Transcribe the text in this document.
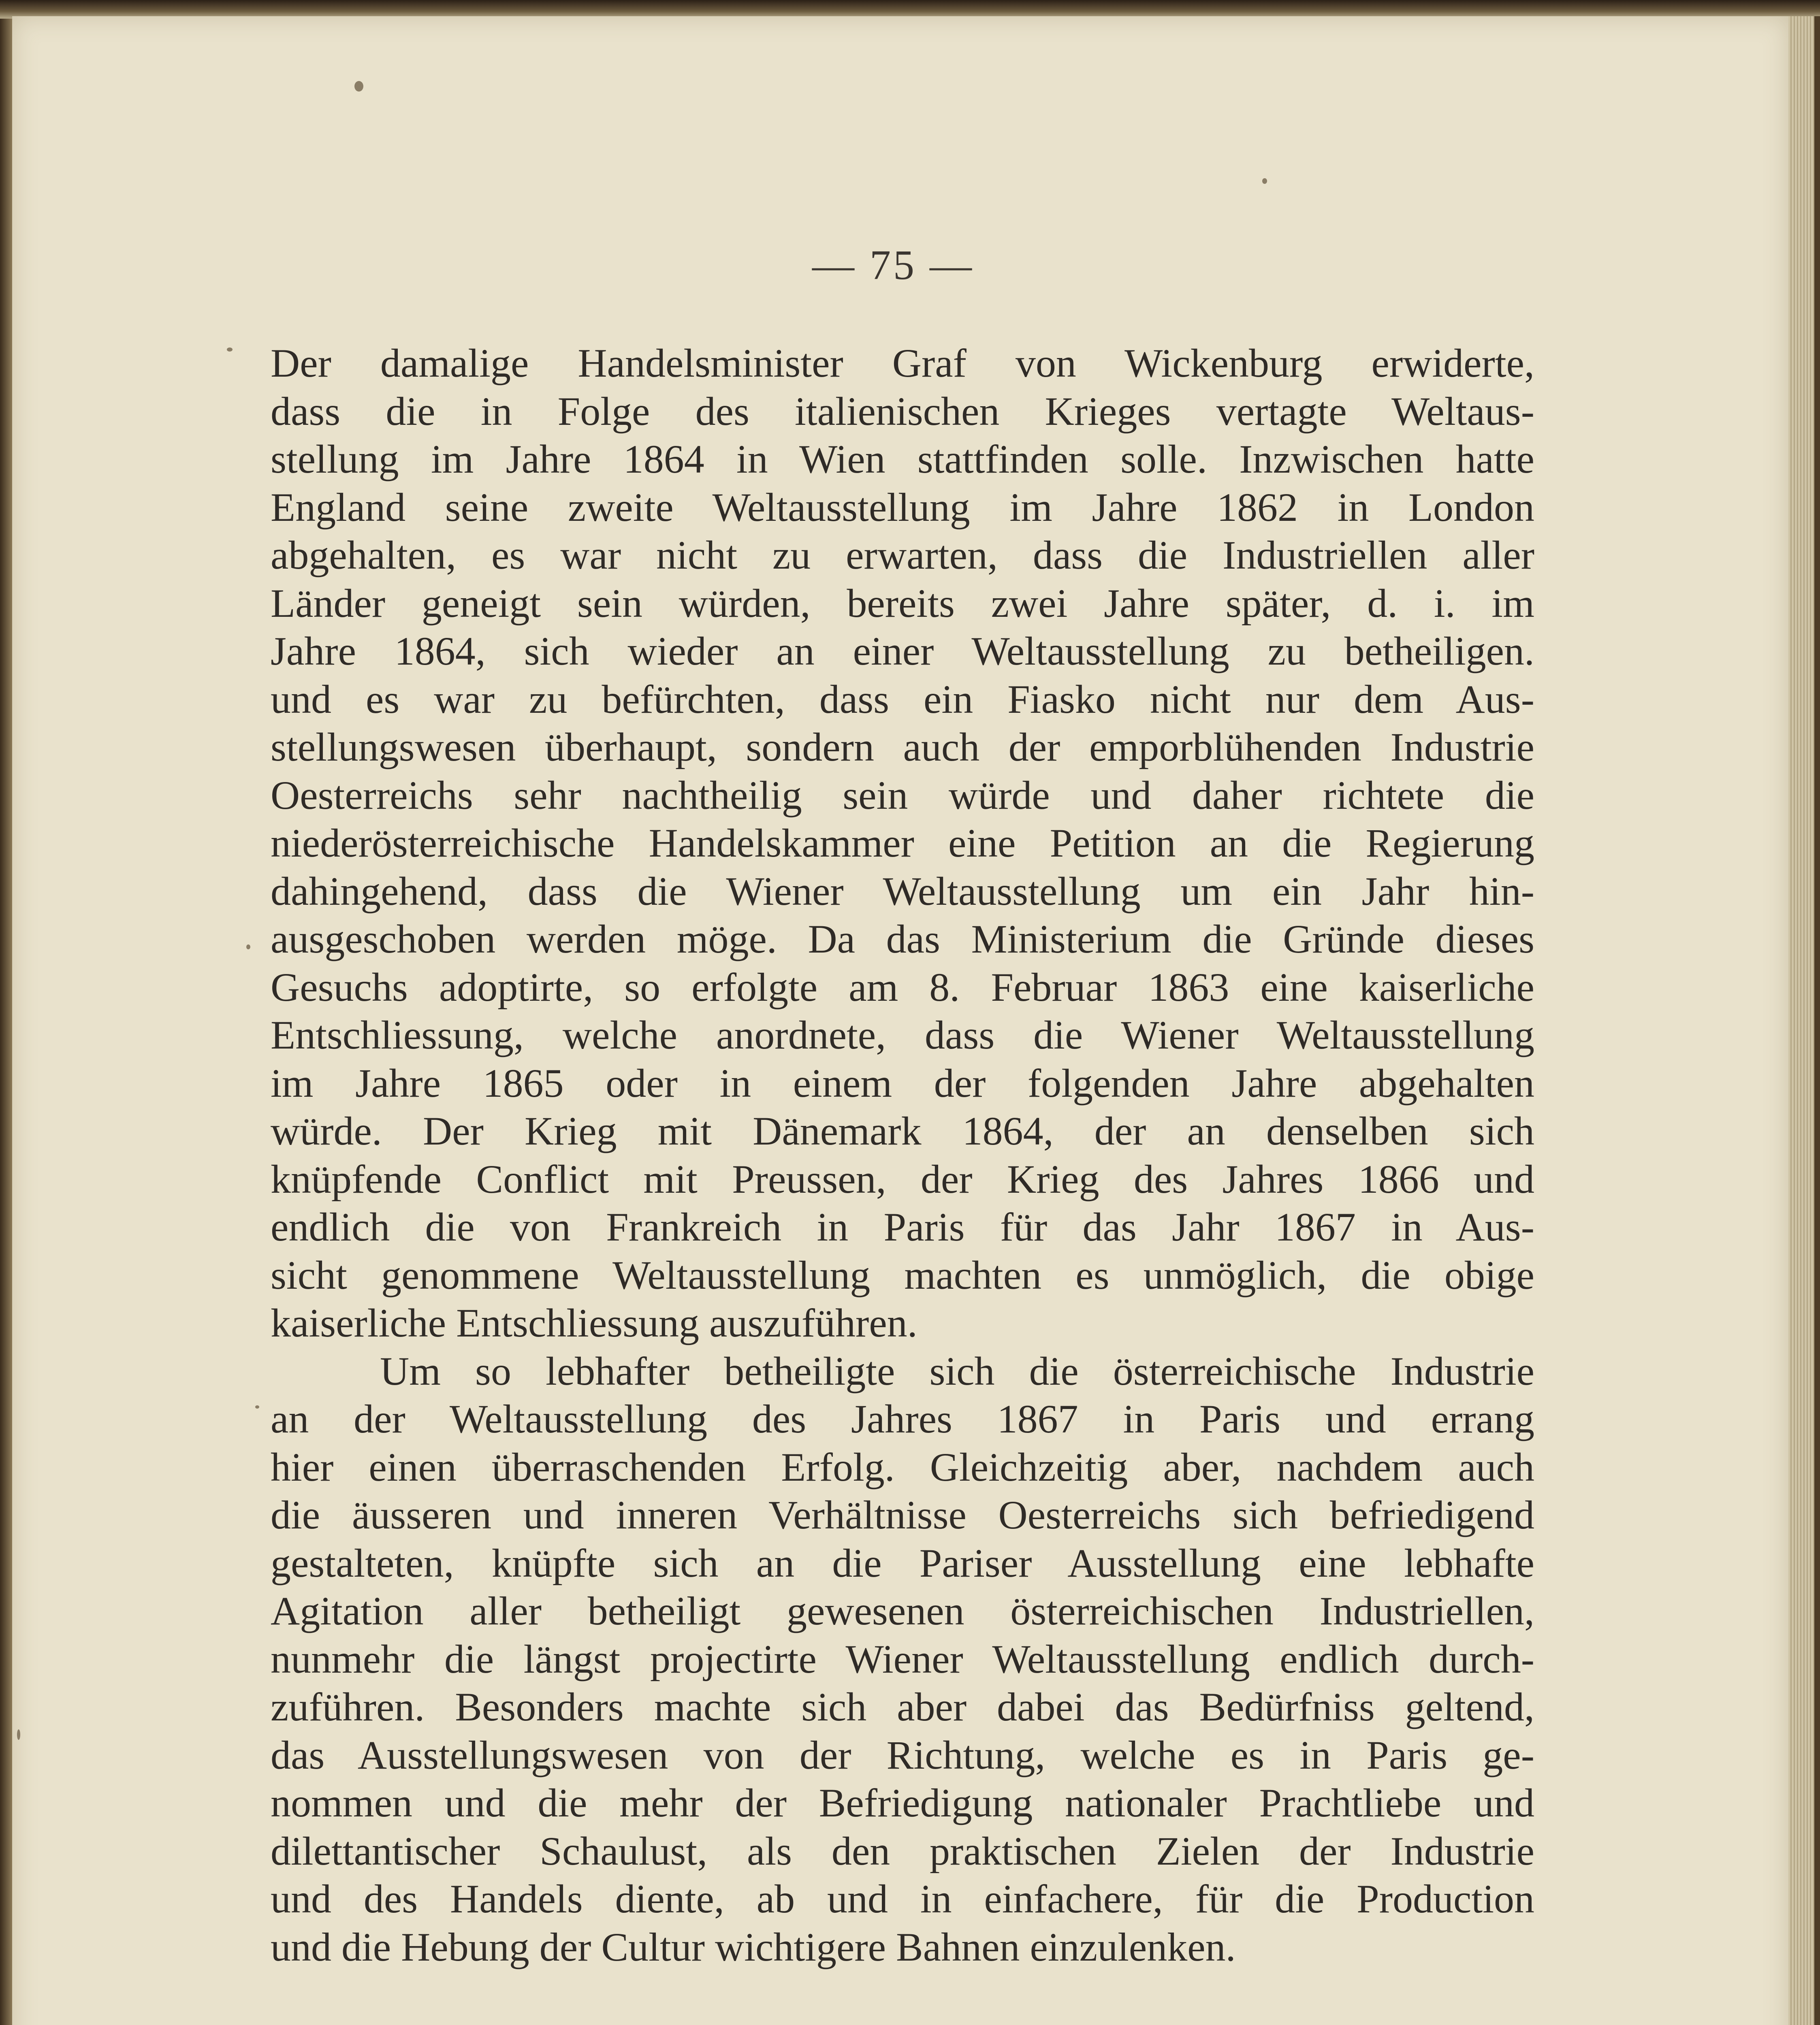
— 75 —
Der damalige Handelsminister Graf von Wickenburg erwiderte,
dass die in Folge des italienischen Krieges vertagte Weltaus-
stellung im Jahre 1864 in Wien stattfinden solle. Inzwischen hatte
England seine zweite Weltausstellung im Jahre 1862 in London
abgehalten, es war nicht zu erwarten, dass die Industriellen aller
Länder geneigt sein würden, bereits zwei Jahre später, d. i. im
Jahre 1864, sich wieder an einer Weltausstellung zu betheiligen.
und es war zu befürchten, dass ein Fiasko nicht nur dem Aus-
stellungswesen überhaupt, sondern auch der emporblühenden Industrie
Oesterreichs sehr nachtheilig sein würde und daher richtete die
niederösterreichische Handelskammer eine Petition an die Regierung
dahingehend, dass die Wiener Weltausstellung um ein Jahr hin-
ausgeschoben werden möge. Da das Ministerium die Gründe dieses
Gesuchs adoptirte, so erfolgte am 8. Februar 1863 eine kaiserliche
Entschliessung, welche anordnete, dass die Wiener Weltausstellung
im Jahre 1865 oder in einem der folgenden Jahre abgehalten
würde. Der Krieg mit Dänemark 1864, der an denselben sich
knüpfende Conflict mit Preussen, der Krieg des Jahres 1866 und
endlich die von Frankreich in Paris für das Jahr 1867 in Aus-
sicht genommene Weltausstellung machten es unmöglich, die obige
kaiserliche Entschliessung auszuführen.
Um so lebhafter betheiligte sich die österreichische Industrie
an der Weltausstellung des Jahres 1867 in Paris und errang
hier einen überraschenden Erfolg. Gleichzeitig aber, nachdem auch
die äusseren und inneren Verhältnisse Oesterreichs sich befriedigend
gestalteten, knüpfte sich an die Pariser Ausstellung eine lebhafte
Agitation aller betheiligt gewesenen österreichischen Industriellen,
nunmehr die längst projectirte Wiener Weltausstellung endlich durch-
zuführen. Besonders machte sich aber dabei das Bedürfniss geltend,
das Ausstellungswesen von der Richtung, welche es in Paris ge-
nommen und die mehr der Befriedigung nationaler Prachtliebe und
dilettantischer Schaulust, als den praktischen Zielen der Industrie
und des Handels diente, ab und in einfachere, für die Production
und die Hebung der Cultur wichtigere Bahnen einzulenken.
